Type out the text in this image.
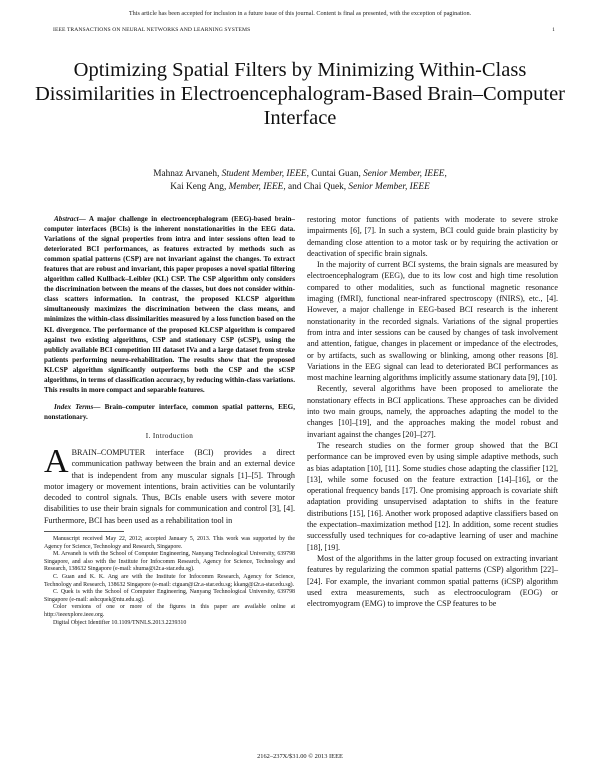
This article has been accepted for inclusion in a future issue of this journal. Content is final as presented, with the exception of pagination.
IEEE TRANSACTIONS ON NEURAL NETWORKS AND LEARNING SYSTEMS	1
Optimizing Spatial Filters by Minimizing Within-Class Dissimilarities in Electroencephalogram-Based Brain–Computer Interface
Mahnaz Arvaneh, Student Member, IEEE, Cuntai Guan, Senior Member, IEEE,
Kai Keng Ang, Member, IEEE, and Chai Quek, Senior Member, IEEE

Abstract— A major challenge in electroencephalogram (EEG)-based brain–computer interfaces (BCIs) is the inherent nonstationarities in the EEG data. Variations of the signal properties from intra and inter sessions often lead to deteriorated BCI performances, as features extracted by methods such as common spatial patterns (CSP) are not invariant against the changes. To extract features that are robust and invariant, this paper proposes a novel spatial filtering algorithm called Kullback–Leibler (KL) CSP. The CSP algorithm only considers the discrimination between the means of the classes, but does not consider within-class scatters information. In contrast, the proposed KLCSP algorithm simultaneously maximizes the discrimination between the class means, and minimizes the within-class dissimilarities measured by a loss function based on the KL divergence. The performance of the proposed KLCSP algorithm is compared against two existing algorithms, CSP and stationary CSP (sCSP), using the publicly available BCI competition III dataset IVa and a large dataset from stroke patients performing neuro-rehabilitation. The results show that the proposed KLCSP algorithm significantly outperforms both the CSP and the sCSP algorithms, in terms of classification accuracy, by reducing within-class variations. This results in more compact and separable features.

Index Terms— Brain–computer interface, common spatial patterns, EEG, nonstationary.

I. Introduction

ABRAIN–COMPUTER interface (BCI) provides a direct communication pathway between the brain and an external device that is independent from any muscular signals [1]–[5]. Through motor imagery or movement intentions, brain activities can be voluntarily decoded to control signals. Thus, BCIs enable users with severe motor disabilities to use their brain signals for communication and control [3], [4]. Furthermore, BCI has been used as a rehabilitation tool in

Manuscript received May 22, 2012; accepted January 5, 2013. This work was supported by the Agency for Science, Technology and Research, Singapore.

M. Arvaneh is with the School of Computer Engineering, Nanyang Technological University, 639798 Singapore, and also with the Institute for Infocomm Research, Agency for Science, Technology and Research, 138632 Singapore (e-mail: shuma@i2r.a-star.edu.sg).

C. Guan and K. K. Ang are with the Institute for Infocomm Research, Agency for Science, Technology and Research, 138632 Singapore (e-mail: ctguan@i2r.a-star.edu.sg; kkang@i2r.a-star.edu.sg).

C. Quek is with the School of Computer Engineering, Nanyang Technological University, 639798 Singapore (e-mail: ashcquek@ntu.edu.sg).

Color versions of one or more of the figures in this paper are available online at http://ieeexplore.ieee.org.

Digital Object Identifier 10.1109/TNNLS.2013.2239310

restoring motor functions of patients with moderate to severe stroke impairments [6], [7]. In such a system, BCI could guide brain plasticity by demanding close attention to a motor task or by requiring the activation or deactivation of specific brain signals.

In the majority of current BCI systems, the brain signals are measured by electroencephalogram (EEG), due to its low cost and high time resolution compared to other modalities, such as functional magnetic resonance imaging (fMRI), functional near-infrared spectroscopy (fNIRS), etc., [4]. However, a major challenge in EEG-based BCI research is the inherent nonstationarity in the recorded signals. Variations of the signal properties from intra and inter sessions can be caused by changes of task involvement and attention, fatigue, changes in placement or impedance of the electrodes, or by artifacts, such as swallowing or blinking, among other reasons [8]. Variations in the EEG signal can lead to deteriorated BCI performances as most machine learning algorithms implicitly assume stationary data [9], [10].

Recently, several algorithms have been proposed to ameliorate the nonstationary effects in BCI applications. These approaches can be divided into two main groups, namely, the approaches adapting the model to the changes [10]–[19], and the approaches making the model robust and invariant against the changes [20]–[27].

The research studies on the former group showed that the BCI performance can be improved even by using simple adaptive methods, such as bias adaptation [10], [11]. Some studies chose adapting the classifier [12], [13], while some focused on the feature extraction [14]–[16], or the operational frequency bands [17]. One promising approach is covariate shift adaptation providing unsupervised adaptation to shifts in the feature distributions [15], [16]. Another work proposed adaptive classifiers based on the expectation–maximization method [12]. In addition, some recent studies successfully used techniques for co-adaptive learning of user and machine [18], [19].

Most of the algorithms in the latter group focused on extracting invariant features by regularizing the common spatial patterns (CSP) algorithm [22]–[24]. For example, the invariant common spatial patterns (iCSP) algorithm used extra measurements, such as electrooculogram (EOG) or electromyogram (EMG) to improve the CSP features to be

2162–237X/$31.00 © 2013 IEEE
